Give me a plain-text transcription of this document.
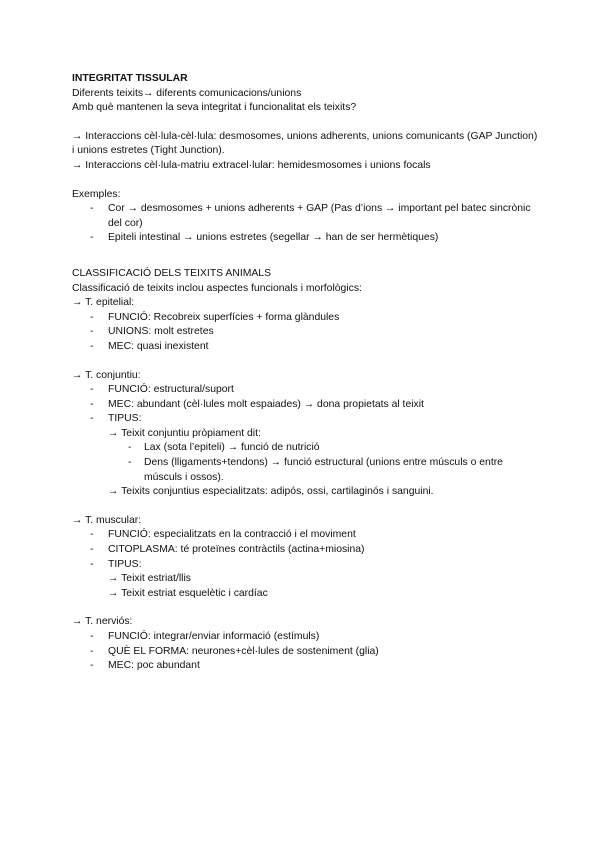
INTEGRITAT TISSULAR
Diferents teixits→ diferents comunicacions/unions
Amb què mantenen la seva integritat i funcionalitat els teixits?
→ Interaccions cèl·lula-cèl·lula: desmosomes, unions adherents, unions comunicants (GAP Junction) i unions estretes (Tight Junction).
→ Interaccions cèl·lula-matriu extracel·lular: hemidesmosomes i unions focals
Exemples:
- Cor → desmosomes + unions adherents + GAP (Pas d’ions → important pel batec sincrònic del cor)
- Epiteli intestinal → unions estretes (segellar → han de ser hermètiques)
CLASSIFICACIÓ DELS TEIXITS ANIMALS
Classificació de teixits inclou aspectes funcionals i morfològics:
→ T. epitelial:
- FUNCIÓ: Recobreix superfícies + forma glàndules
- UNIONS: molt estretes
- MEC: quasi inexistent
→ T. conjuntiu:
- FUNCIÓ: estructural/suport
- MEC: abundant (cèl·lules molt espaiades) → dona propietats al teixit
- TIPUS:
→ Teixit conjuntiu pròpiament dit:
- Lax (sota l’epiteli) → funció de nutrició
- Dens (lligaments+tendons) → funció estructural (unions entre músculs o entre músculs i ossos).
→ Teixits conjuntius especialitzats: adipós, ossi, cartilaginós i sanguini.
→ T. muscular:
- FUNCIÓ: especialitzats en la contracció i el moviment
- CITOPLASMA: té proteïnes contràctils (actina+miosina)
- TIPUS:
→ Teixit estriat/llis
→ Teixit estriat esquelètic i cardíac
→ T. nerviós:
- FUNCIÓ: integrar/enviar informació (estímuls)
- QUÈ EL FORMA: neurones+cèl·lules de sosteniment (glia)
- MEC: poc abundant
